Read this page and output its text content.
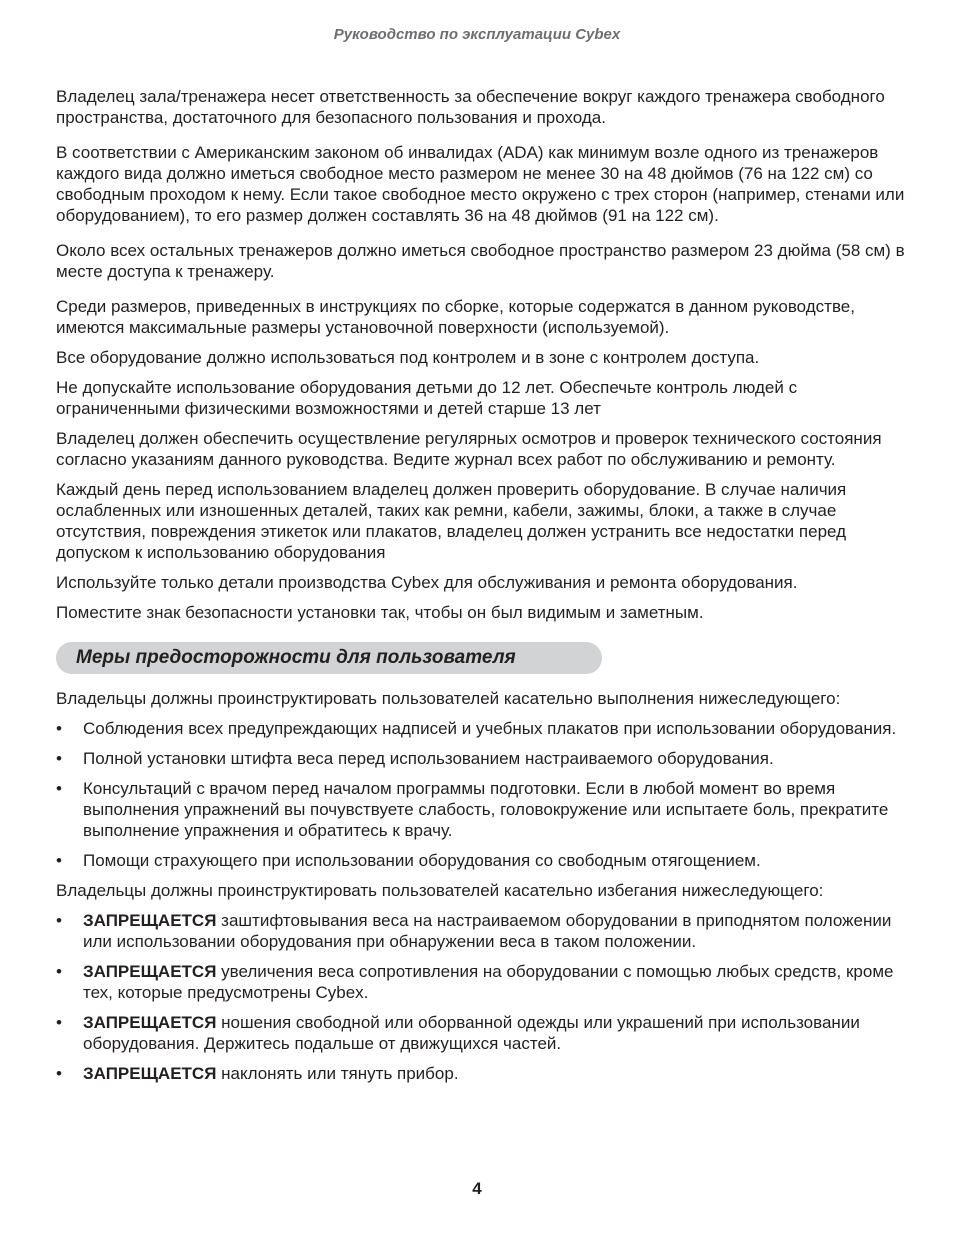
Руководство по эксплуатации Cybex

Владелец зала/тренажера несет ответственность за обеспечение вокруг каждого тренажера свободного пространства, достаточного для безопасного пользования и прохода.

В соответствии с Американским законом об инвалидах (ADA) как минимум возле одного из тренажеров каждого вида должно иметься свободное место размером не менее 30 на 48 дюймов (76 на 122 см) со свободным проходом к нему. Если такое свободное место окружено с трех сторон (например, стенами или оборудованием), то его размер должен составлять 36 на 48 дюймов (91 на 122 см).

Около всех остальных тренажеров должно иметься свободное пространство размером 23 дюйма (58 см) в месте доступа к тренажеру.

Среди размеров, приведенных в инструкциях по сборке, которые содержатся в данном руководстве, имеются максимальные размеры установочной поверхности (используемой).

Все оборудование должно использоваться под контролем и в зоне с контролем доступа.

Не допускайте использование оборудования детьми до 12 лет. Обеспечьте контроль людей с ограниченными физическими возможностями и детей старше 13 лет

Владелец должен обеспечить осуществление регулярных осмотров и проверок технического состояния согласно указаниям данного руководства. Ведите журнал всех работ по обслуживанию и ремонту.

Каждый день перед использованием владелец должен проверить оборудование. В случае наличия ослабленных или изношенных деталей, таких как ремни, кабели, зажимы, блоки, а также в случае отсутствия, повреждения этикеток или плакатов, владелец должен устранить все недостатки перед допуском к использованию оборудования

Используйте только детали производства Cybex для обслуживания и ремонта оборудования.

Поместите знак безопасности установки так, чтобы он был видимым и заметным.

Меры предосторожности для пользователя

Владельцы должны проинструктировать пользователей касательно выполнения нижеследующего:

• Соблюдения всех предупреждающих надписей и учебных плакатов при использовании оборудования.
• Полной установки штифта веса перед использованием настраиваемого оборудования.
• Консультаций с врачом перед началом программы подготовки. Если в любой момент во время выполнения упражнений вы почувствуете слабость, головокружение или испытаете боль, прекратите выполнение упражнения и обратитесь к врачу.
• Помощи страхующего при использовании оборудования со свободным отягощением.

Владельцы должны проинструктировать пользователей касательно избегания нижеследующего:

• ЗАПРЕЩАЕТСЯ заштифтовывания веса на настраиваемом оборудовании в приподнятом положении или использовании оборудования при обнаружении веса в таком положении.
• ЗАПРЕЩАЕТСЯ увеличения веса сопротивления на оборудовании с помощью любых средств, кроме тех, которые предусмотрены Cybex.
• ЗАПРЕЩАЕТСЯ ношения свободной или оборванной одежды или украшений при использовании оборудования. Держитесь подальше от движущихся частей.
• ЗАПРЕЩАЕТСЯ наклонять или тянуть прибор.
4
